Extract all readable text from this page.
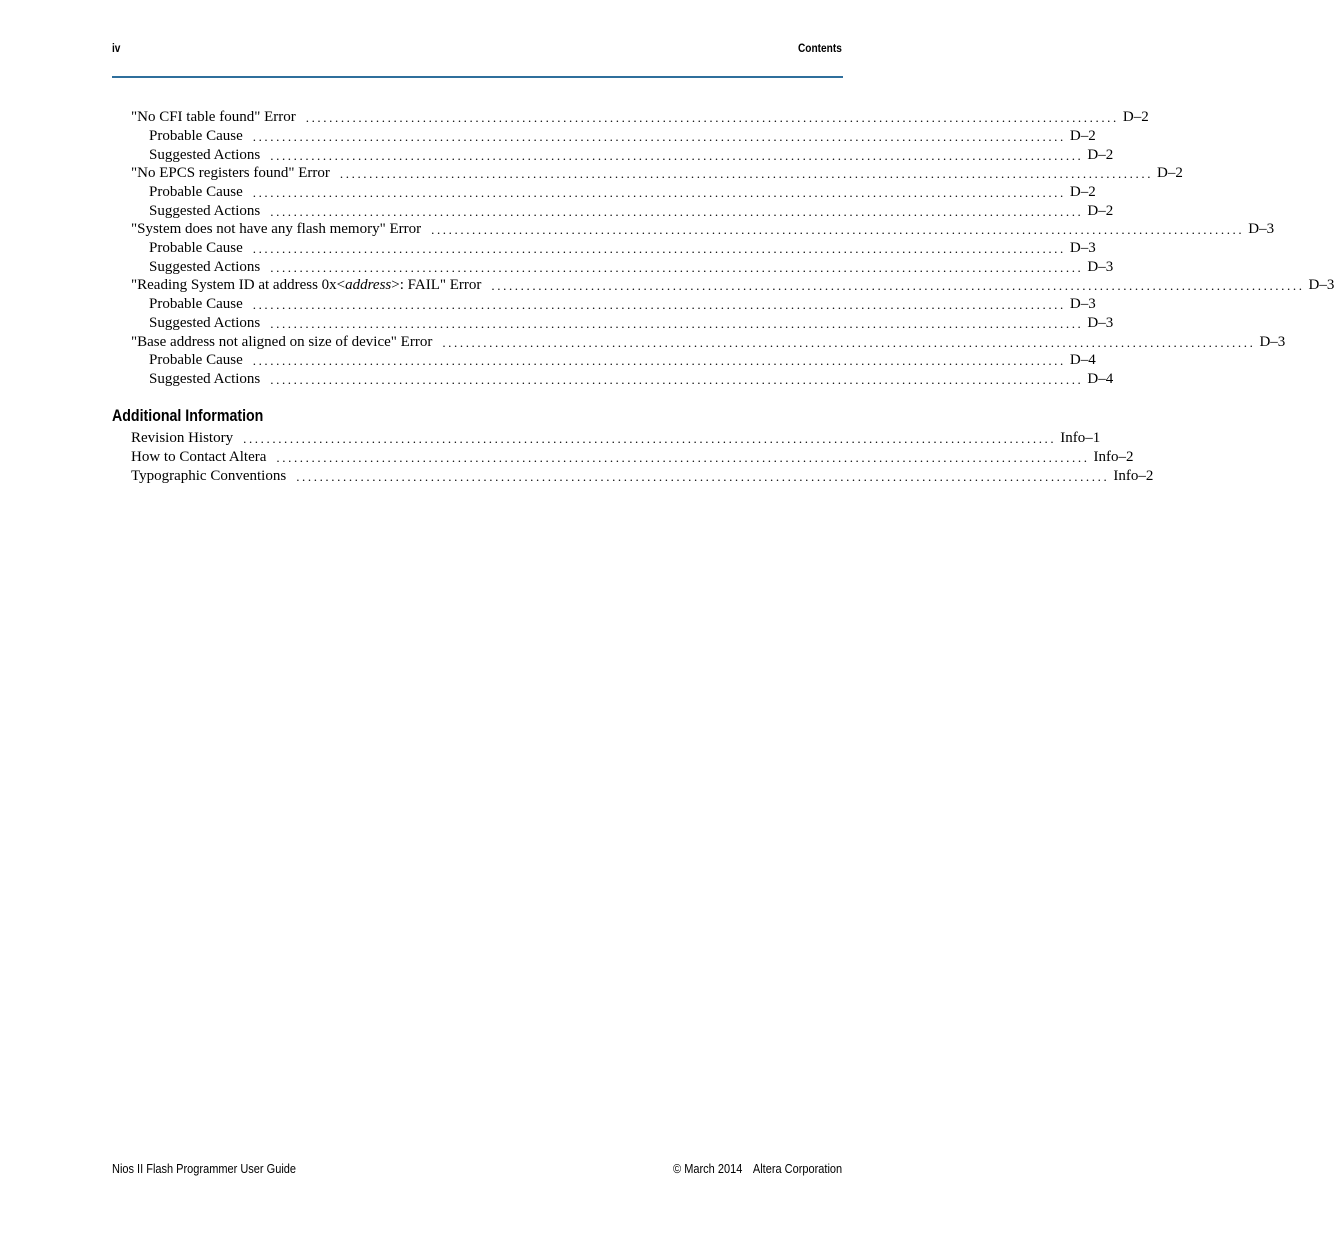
iv	Contents
"No CFI table found" Error ........................................................................................................................................... D–2
Probable Cause ........................................................................................................................................... D–2
Suggested Actions ........................................................................................................................................... D–2
"No EPCS registers found" Error ........................................................................................................................................... D–2
Probable Cause ........................................................................................................................................... D–2
Suggested Actions ........................................................................................................................................... D–2
"System does not have any flash memory" Error ........................................................................................................................................... D–3
Probable Cause ........................................................................................................................................... D–3
Suggested Actions ........................................................................................................................................... D–3
"Reading System ID at address 0x<address>: FAIL" Error ........................................................................................................................................... D–3
Probable Cause ........................................................................................................................................... D–3
Suggested Actions ........................................................................................................................................... D–3
"Base address not aligned on size of device" Error ........................................................................................................................................... D–3
Probable Cause ........................................................................................................................................... D–4
Suggested Actions ........................................................................................................................................... D–4
Additional Information
Revision History ........................................................................................................................................... Info–1
How to Contact Altera ........................................................................................................................................... Info–2
Typographic Conventions ........................................................................................................................................... Info–2
Nios II Flash Programmer User Guide	© March 2014 Altera Corporation
